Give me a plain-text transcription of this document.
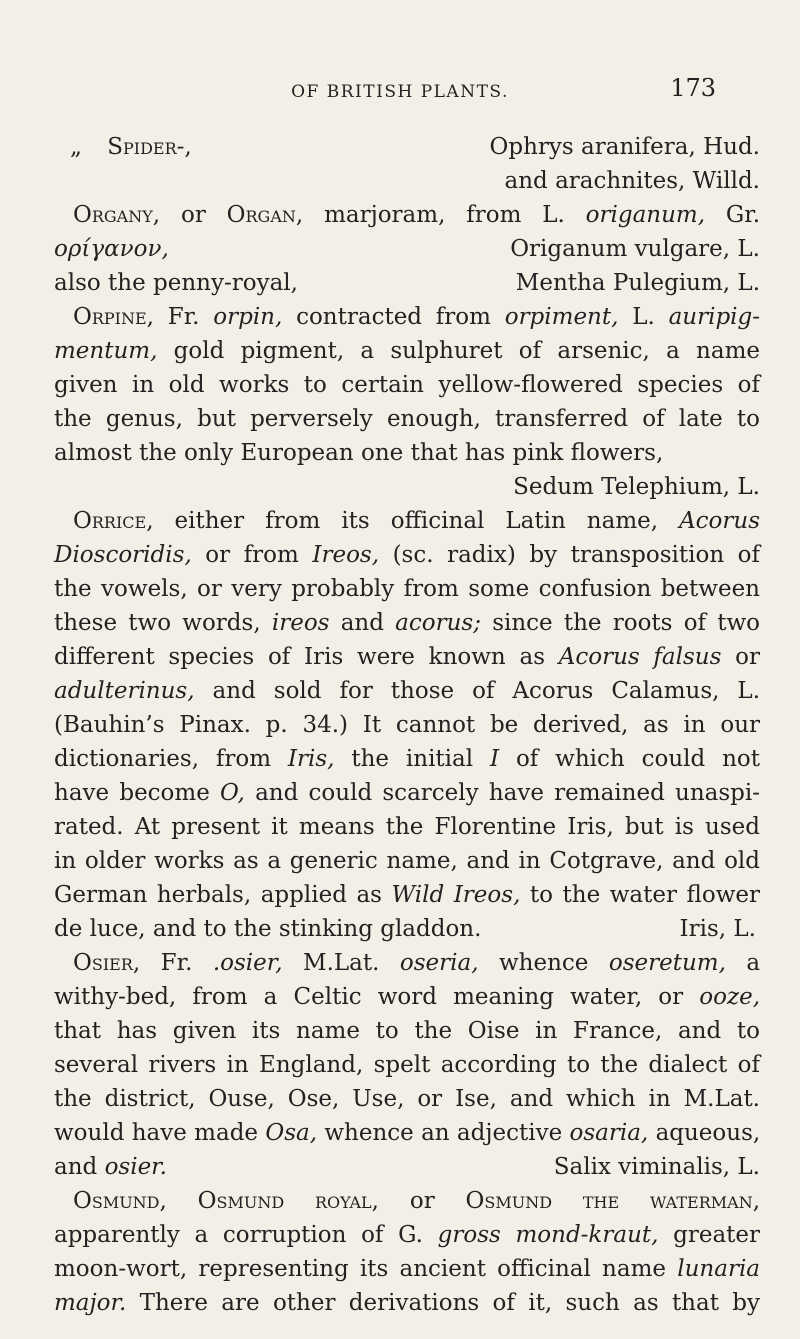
OF BRITISH PLANTS.	173
„ Spider-,	Ophrys aranifera, Hud.
and arachnites, Willd.
Organy, or Organ, marjoram, from L. origanum, Gr.
ορίγανον,	Origanum vulgare, L.
also the penny-royal,	Mentha Pulegium, L.
Orpine, Fr. orpin, contracted from orpiment, L. auripig-
mentum, gold pigment, a sulphuret of arsenic, a name
given in old works to certain yellow-flowered species of
the genus, but perversely enough, transferred of late to
almost the only European one that has pink flowers,
Sedum Telephium, L.
Orrice, either from its officinal Latin name, Acorus
Dioscoridis, or from Ireos, (sc. radix) by transposition of
the vowels, or very probably from some confusion between
these two words, ireos and acorus; since the roots of two
different species of Iris were known as Acorus falsus or
adulterinus, and sold for those of Acorus Calamus, L.
(Bauhin’s Pinax. p. 34.) It cannot be derived, as in our
dictionaries, from Iris, the initial I of which could not
have become O, and could scarcely have remained unaspi-
rated. At present it means the Florentine Iris, but is used
in older works as a generic name, and in Cotgrave, and old
German herbals, applied as Wild Ireos, to the water flower
de luce, and to the stinking gladdon.	Iris, L.
Osier, Fr. .osier, M.Lat. oseria, whence oseretum, a
withy-bed, from a Celtic word meaning water, or ooze,
that has given its name to the Oise in France, and to
several rivers in England, spelt according to the dialect of
the district, Ouse, Ose, Use, or Ise, and which in M.Lat.
would have made Osa, whence an adjective osaria, aqueous,
and osier.	Salix viminalis, L.
Osmund, Osmund royal, or Osmund the waterman,
apparently a corruption of G. gross mond-kraut, greater
moon-wort, representing its ancient officinal name lunaria
major. There are other derivations of it, such as that by
